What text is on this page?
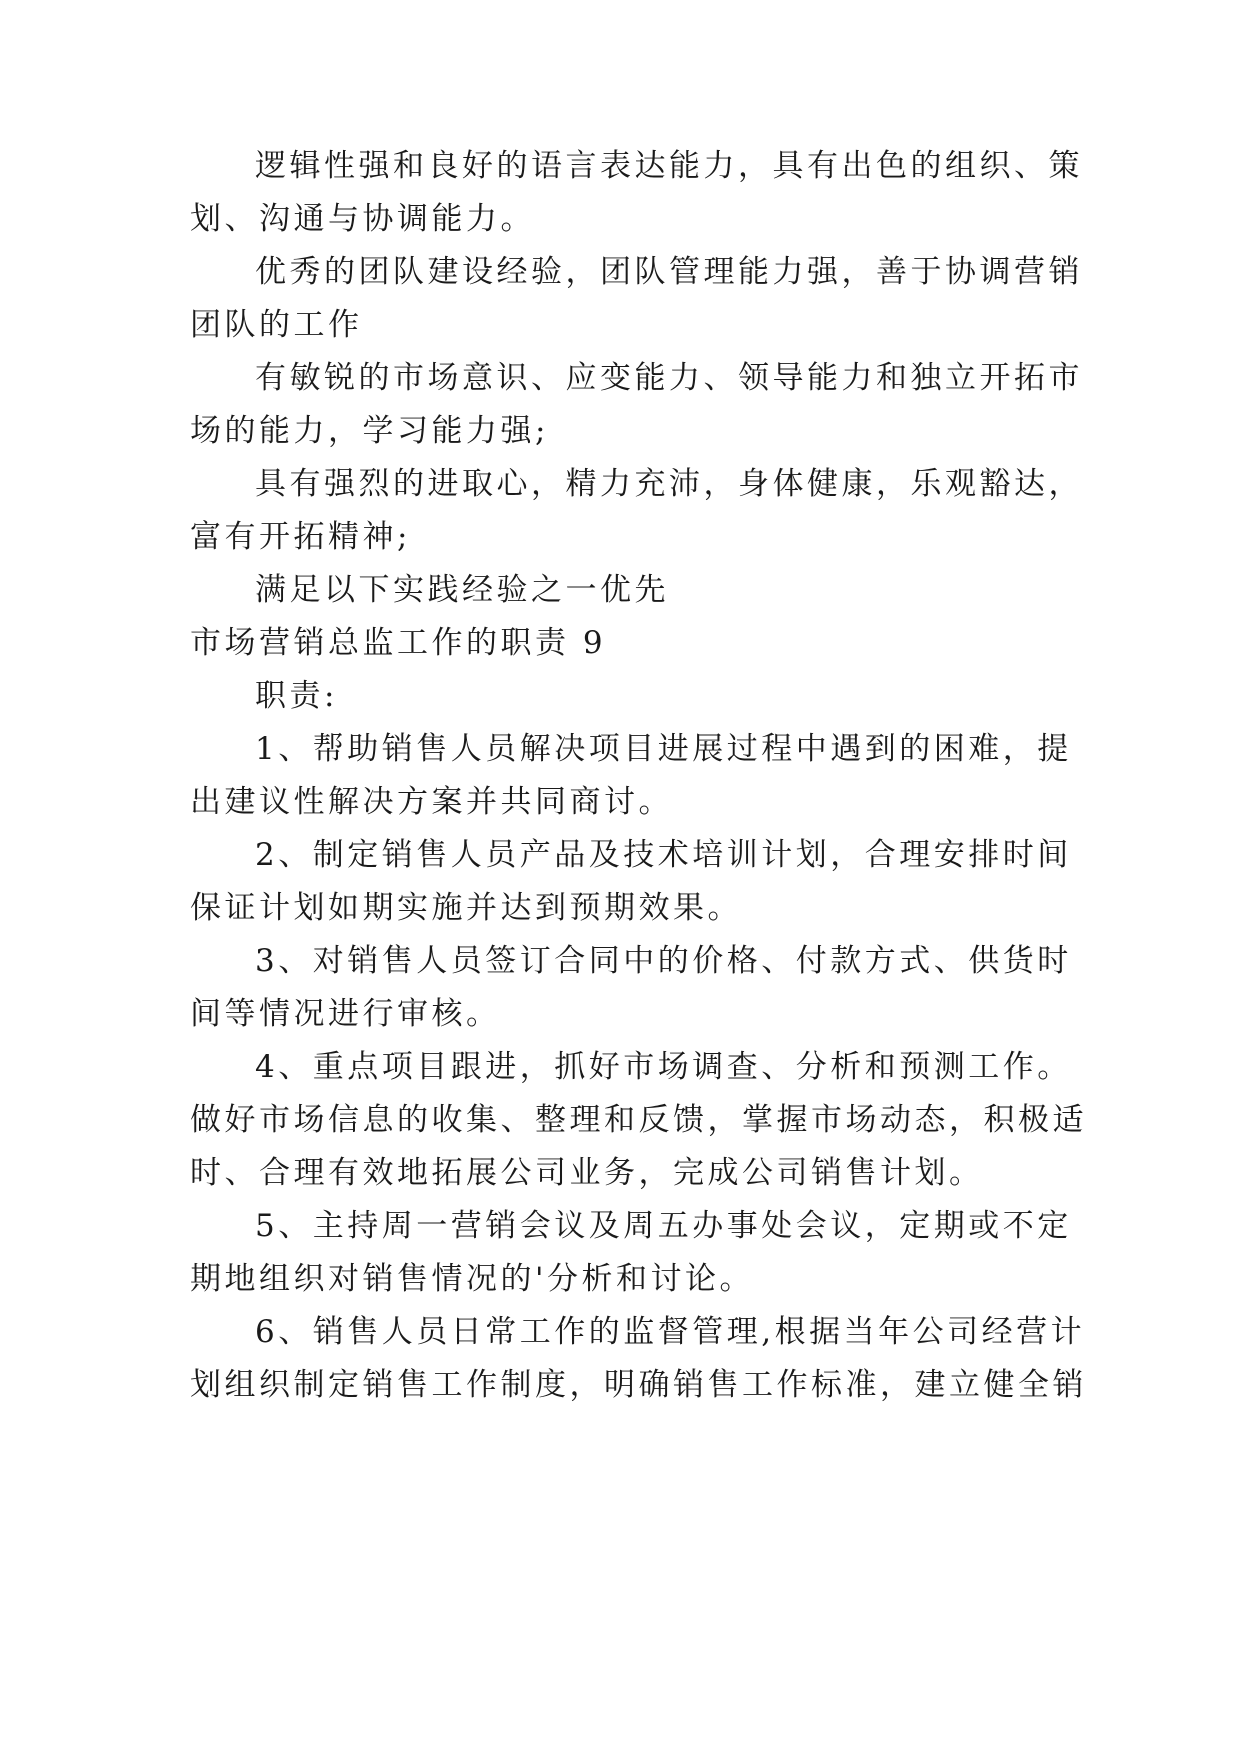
逻辑性强和良好的语言表达能力，具有出色的组织、策
划、沟通与协调能力。
优秀的团队建设经验，团队管理能力强，善于协调营销
团队的工作
有敏锐的市场意识、应变能力、领导能力和独立开拓市
场的能力，学习能力强;
具有强烈的进取心，精力充沛，身体健康，乐观豁达，
富有开拓精神;
满足以下实践经验之一优先
市场营销总监工作的职责 9
职责:
1、帮助销售人员解决项目进展过程中遇到的困难，提
出建议性解决方案并共同商讨。
2、制定销售人员产品及技术培训计划，合理安排时间
保证计划如期实施并达到预期效果。
3、对销售人员签订合同中的价格、付款方式、供货时
间等情况进行审核。
4、重点项目跟进，抓好市场调查、分析和预测工作。
做好市场信息的收集、整理和反馈，掌握市场动态，积极适
时、合理有效地拓展公司业务，完成公司销售计划。
5、主持周一营销会议及周五办事处会议，定期或不定
期地组织对销售情况的'分析和讨论。
6、销售人员日常工作的监督管理,根据当年公司经营计
划组织制定销售工作制度，明确销售工作标准，建立健全销
